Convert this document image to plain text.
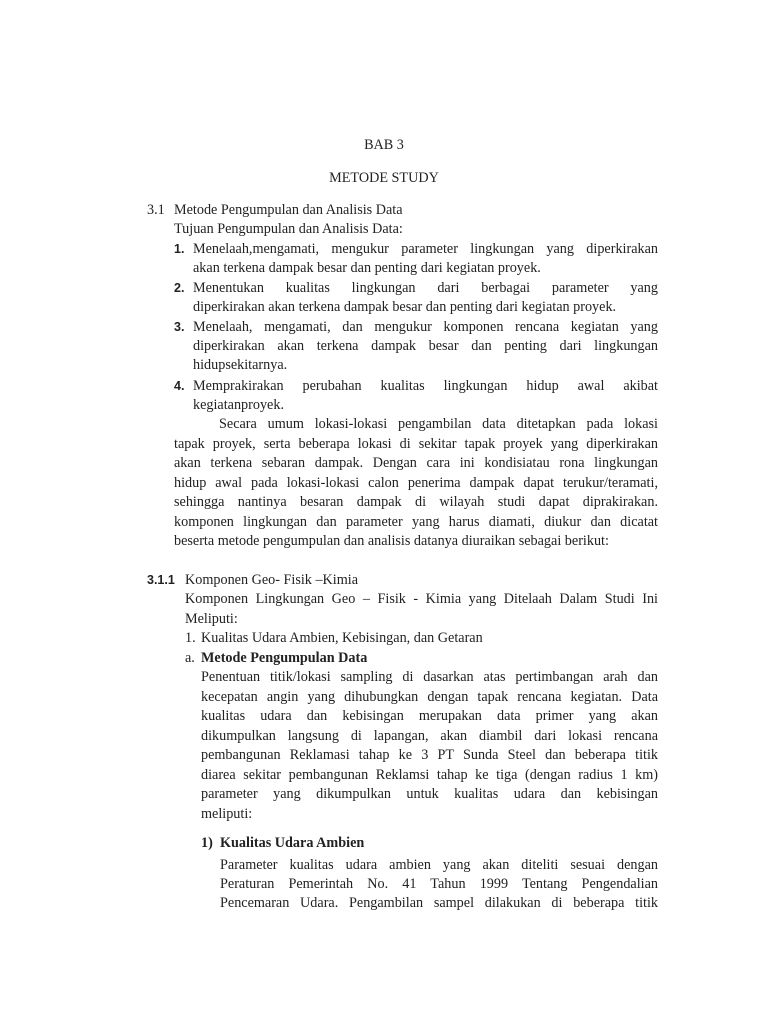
BAB 3
METODE STUDY
3.1 Metode Pengumpulan dan Analisis Data
Tujuan Pengumpulan dan Analisis Data:
1. Menelaah,mengamati, mengukur parameter lingkungan yang diperkirakan
akan terkena dampak besar dan penting dari kegiatan proyek.
2. Menentukan kualitas lingkungan dari berbagai parameter yang
diperkirakan akan terkena dampak besar dan penting dari kegiatan proyek.
3. Menelaah, mengamati, dan mengukur komponen rencana kegiatan yang
diperkirakan akan terkena dampak besar dan penting dari lingkungan
hidupsekitarnya.
4. Memprakirakan perubahan kualitas lingkungan hidup awal akibat
kegiatanproyek.
Secara umum lokasi-lokasi pengambilan data ditetapkan pada lokasi
tapak proyek, serta beberapa lokasi di sekitar tapak proyek yang diperkirakan
akan terkena sebaran dampak. Dengan cara ini kondisiatau rona lingkungan
hidup awal pada lokasi-lokasi calon penerima dampak dapat terukur/teramati,
sehingga nantinya besaran dampak di wilayah studi dapat diprakirakan.
komponen lingkungan dan parameter yang harus diamati, diukur dan dicatat
beserta metode pengumpulan dan analisis datanya diuraikan sebagai berikut:
3.1.1 Komponen Geo- Fisik –Kimia
Komponen Lingkungan Geo – Fisik - Kimia yang Ditelaah Dalam Studi Ini
Meliputi:
1. Kualitas Udara Ambien, Kebisingan, dan Getaran
a. Metode Pengumpulan Data
Penentuan titik/lokasi sampling di dasarkan atas pertimbangan arah dan
kecepatan angin yang dihubungkan dengan tapak rencana kegiatan. Data
kualitas udara dan kebisingan merupakan data primer yang akan
dikumpulkan langsung di lapangan, akan diambil dari lokasi rencana
pembangunan Reklamasi tahap ke 3 PT Sunda Steel dan beberapa titik
diarea sekitar pembangunan Reklamsi tahap ke tiga (dengan radius 1 km)
parameter yang dikumpulkan untuk kualitas udara dan kebisingan
meliputi:
1) Kualitas Udara Ambien
Parameter kualitas udara ambien yang akan diteliti sesuai dengan
Peraturan Pemerintah No. 41 Tahun 1999 Tentang Pengendalian
Pencemaran Udara. Pengambilan sampel dilakukan di beberapa titik
